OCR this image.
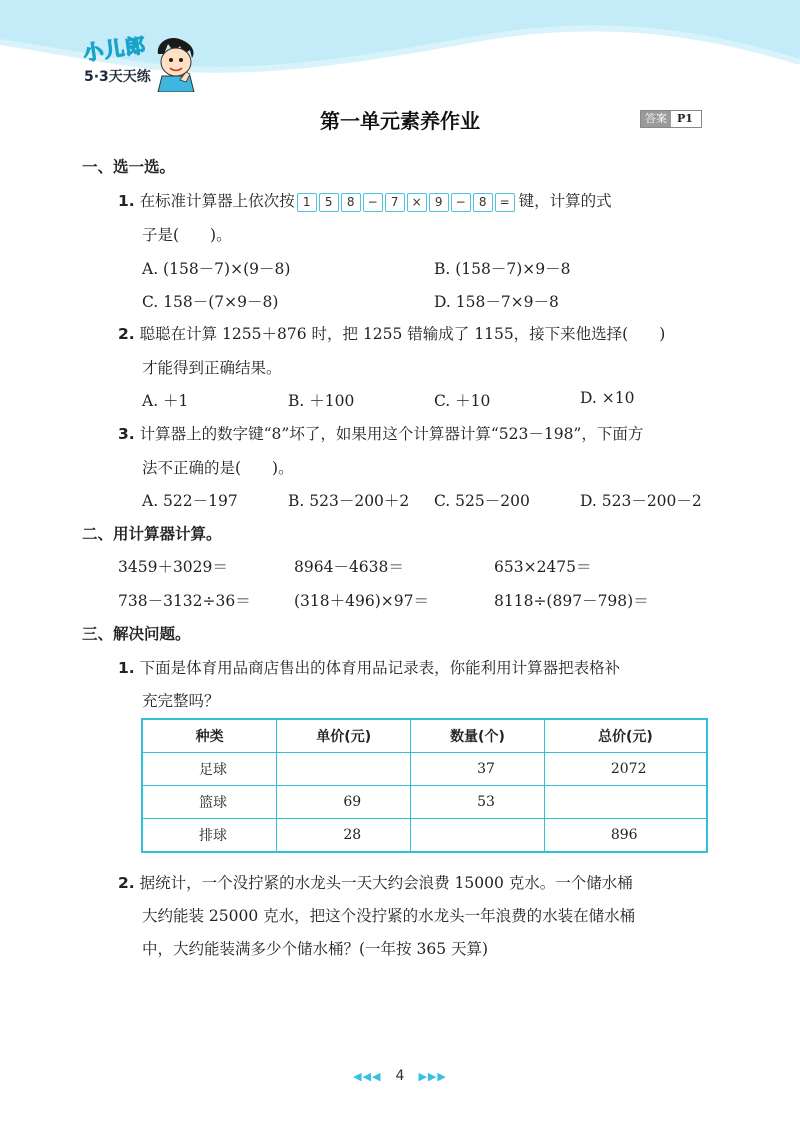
小儿郎
5·3天天练
第一单元素养作业	答案 P1
一、选一选。
1. 在标准计算器上依次按 1	5	8	−	7	×	9	−	8	= 键，计算的式
子是(　　)。
A. (158－7)×(9－8)	B. (158－7)×9－8
C. 158－(7×9－8)	D. 158－7×9－8
2. 聪聪在计算 1255＋876 时，把 1255 错输成了 1155，接下来他选择(　　)
才能得到正确结果。
A. ＋1	B. ＋100	C. ＋10	D. ×10
3. 计算器上的数字键“8”坏了，如果用这个计算器计算“523－198”，下面方
法不正确的是(　　)。
A. 522－197	B. 523－200＋2 C. 525－200	D. 523－200－2
二、用计算器计算。
3459＋3029＝	8964－4638＝	653×2475＝
738－3132÷36＝	(318＋496)×97＝	8118÷(897－798)＝
三、解决问题。
1. 下面是体育用品商店售出的体育用品记录表，你能利用计算器把表格补
充完整吗？
种类	单价(元)	数量(个)	总价(元)
足球		37	2072
篮球	69	53	
排球	28		896
2. 据统计，一个没拧紧的水龙头一天大约会浪费 15000 克水。一个储水桶
大约能装 25000 克水，把这个没拧紧的水龙头一年浪费的水装在储水桶
中，大约能装满多少个储水桶？(一年按 365 天算)
◀◀◀ 4 ▶▶▶
